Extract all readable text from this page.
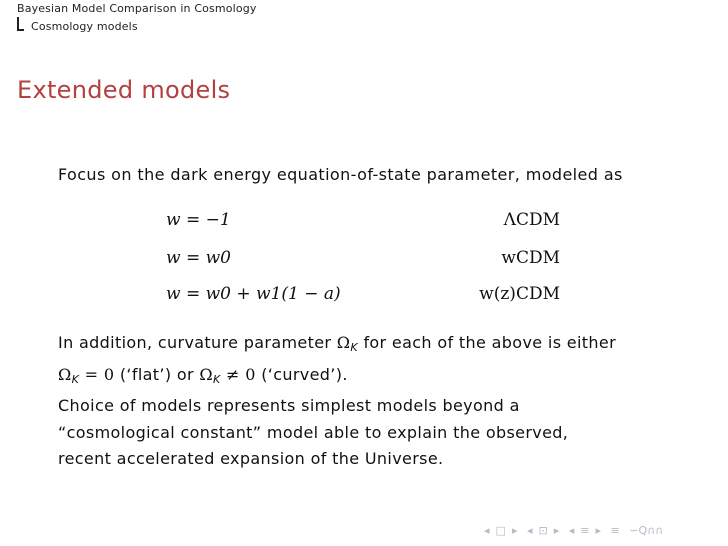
Bayesian Model Comparison in Cosmology
Cosmology models
Extended models
Focus on the dark energy equation-of-state parameter, modeled as
w = −1	ΛCDM
w = w0	wCDM
w = w0 + w1(1 − a)	w(z)CDM
In addition, curvature parameter $\Omega_K$ for each of the above is either
$\Omega_K = 0$ (‘flat’) or $\Omega_K \ne 0$ (‘curved’).
Choice of models represents simplest models beyond a
“cosmological constant” model able to explain the observed,
recent accelerated expansion of the Universe.
◂ □ ▸ ◂ ⊡ ▸ ◂ ≡ ▸ ≡ ∽Q∩∩
